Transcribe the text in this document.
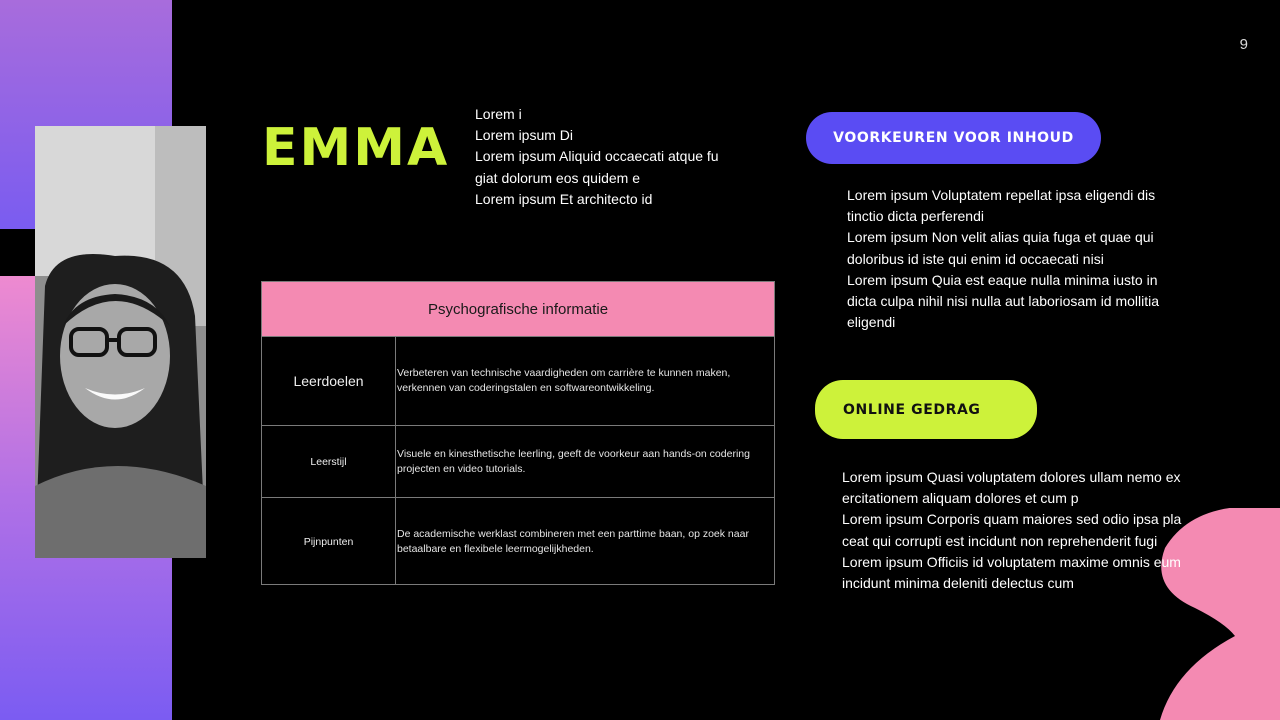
9
EMMA

Lorem i
Lorem ipsum Di
Lorem ipsum Aliquid occaecati atque fu
giat dolorum eos quidem e
Lorem ipsum Et architecto id

Psychografische informatie
Leerdoelen	Verbeteren van technische vaardigheden om carrière te kunnen maken, verkennen van coderingstalen en softwareontwikkeling.
Leerstijl
Visuele en kinesthetische leerling, geeft de voorkeur aan hands-on codering projecten en video tutorials.
Pijnpunten
De academische werklast combineren met een parttime baan, op zoek naar betaalbare en flexibele leermogelijkheden.
VOORKEUREN VOOR INHOUD

Lorem ipsum Voluptatem repellat ipsa eligendi dis
tinctio dicta perferendi
Lorem ipsum Non velit alias quia fuga et quae qui
doloribus id iste qui enim id occaecati nisi
Lorem ipsum Quia est eaque nulla minima iusto in
dicta culpa nihil nisi nulla aut laboriosam id mollitia
eligendi

ONLINE GEDRAG

Lorem ipsum Quasi voluptatem dolores ullam nemo ex
ercitationem aliquam dolores et cum p
Lorem ipsum Corporis quam maiores sed odio ipsa pla
ceat qui corrupti est incidunt non reprehenderit fugi
Lorem ipsum Officiis id voluptatem maxime omnis eum
incidunt minima deleniti delectus cum
